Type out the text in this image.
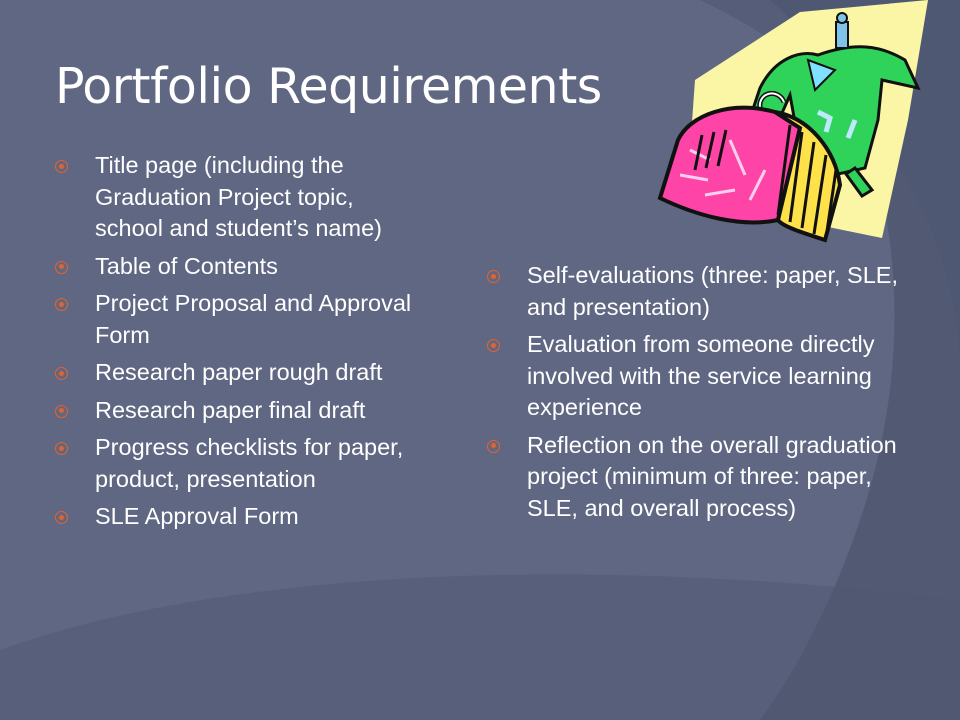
Portfolio Requirements
Title page (including the Graduation Project topic, school and student’s name)
Table of Contents
Project Proposal and Approval Form
Research paper rough draft
Research paper final draft
Progress checklists for paper, product, presentation
SLE Approval Form
Self-evaluations (three: paper, SLE, and presentation)
Evaluation from someone directly involved with the service learning experience
Reflection on the overall graduation project (minimum of three: paper, SLE, and overall process)
